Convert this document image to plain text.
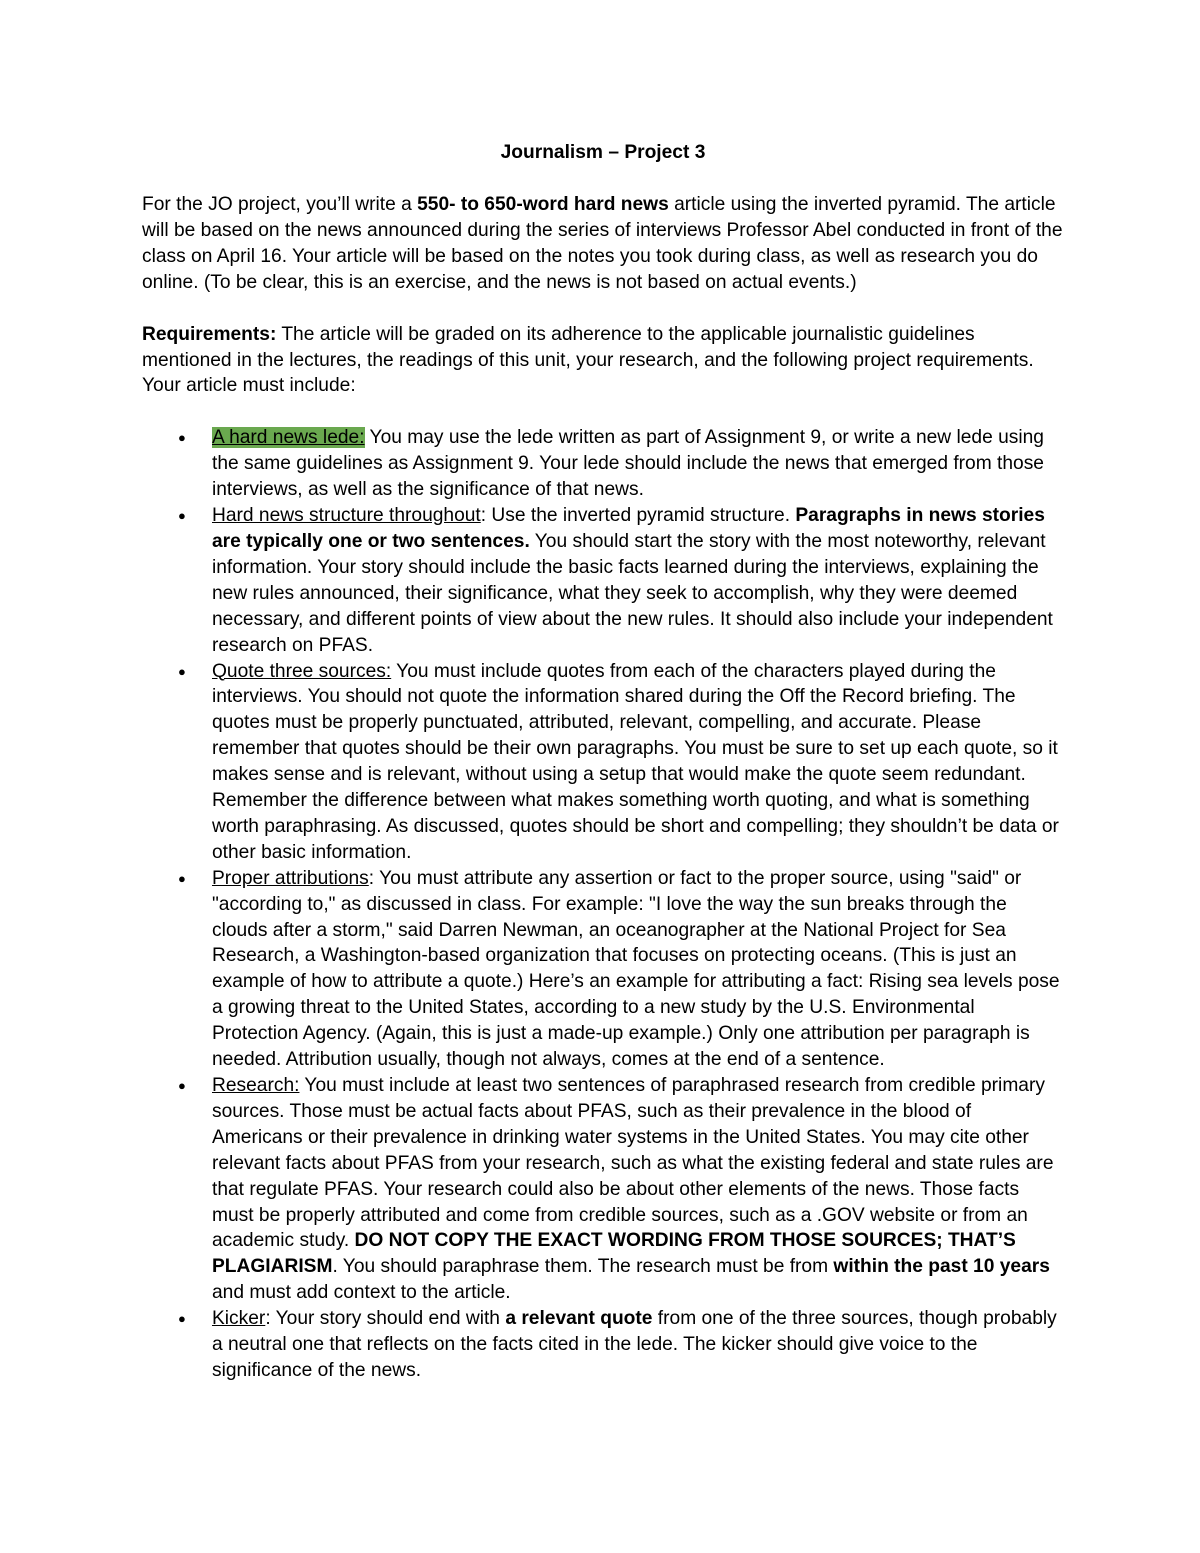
Journalism – Project 3

For the JO project, you’ll write a 550- to 650-word hard news article using the inverted pyramid. The article will be based on the news announced during the series of interviews Professor Abel conducted in front of the class on April 16. Your article will be based on the notes you took during class, as well as research you do online. (To be clear, this is an exercise, and the news is not based on actual events.)

Requirements: The article will be graded on its adherence to the applicable journalistic guidelines mentioned in the lectures, the readings of this unit, your research, and the following project requirements. Your article must include:

● A hard news lede: You may use the lede written as part of Assignment 9, or write a new lede using the same guidelines as Assignment 9. Your lede should include the news that emerged from those interviews, as well as the significance of that news.
● Hard news structure throughout: Use the inverted pyramid structure. Paragraphs in news stories are typically one or two sentences. You should start the story with the most noteworthy, relevant information. Your story should include the basic facts learned during the interviews, explaining the new rules announced, their significance, what they seek to accomplish, why they were deemed necessary, and different points of view about the new rules. It should also include your independent research on PFAS.
● Quote three sources: You must include quotes from each of the characters played during the interviews. You should not quote the information shared during the Off the Record briefing. The quotes must be properly punctuated, attributed, relevant, compelling, and accurate. Please remember that quotes should be their own paragraphs. You must be sure to set up each quote, so it makes sense and is relevant, without using a setup that would make the quote seem redundant. Remember the difference between what makes something worth quoting, and what is something worth paraphrasing. As discussed, quotes should be short and compelling; they shouldn’t be data or other basic information.
● Proper attributions: You must attribute any assertion or fact to the proper source, using "said" or "according to," as discussed in class. For example: "I love the way the sun breaks through the clouds after a storm," said Darren Newman, an oceanographer at the National Project for Sea Research, a Washington-based organization that focuses on protecting oceans. (This is just an example of how to attribute a quote.) Here’s an example for attributing a fact: Rising sea levels pose a growing threat to the United States, according to a new study by the U.S. Environmental Protection Agency. (Again, this is just a made-up example.) Only one attribution per paragraph is needed. Attribution usually, though not always, comes at the end of a sentence.
● Research: You must include at least two sentences of paraphrased research from credible primary sources. Those must be actual facts about PFAS, such as their prevalence in the blood of Americans or their prevalence in drinking water systems in the United States. You may cite other relevant facts about PFAS from your research, such as what the existing federal and state rules are that regulate PFAS. Your research could also be about other elements of the news. Those facts must be properly attributed and come from credible sources, such as a .GOV website or from an academic study. DO NOT COPY THE EXACT WORDING FROM THOSE SOURCES; THAT’S PLAGIARISM. You should paraphrase them. The research must be from within the past 10 years and must add context to the article.
● Kicker: Your story should end with a relevant quote from one of the three sources, though probably a neutral one that reflects on the facts cited in the lede. The kicker should give voice to the significance of the news.
